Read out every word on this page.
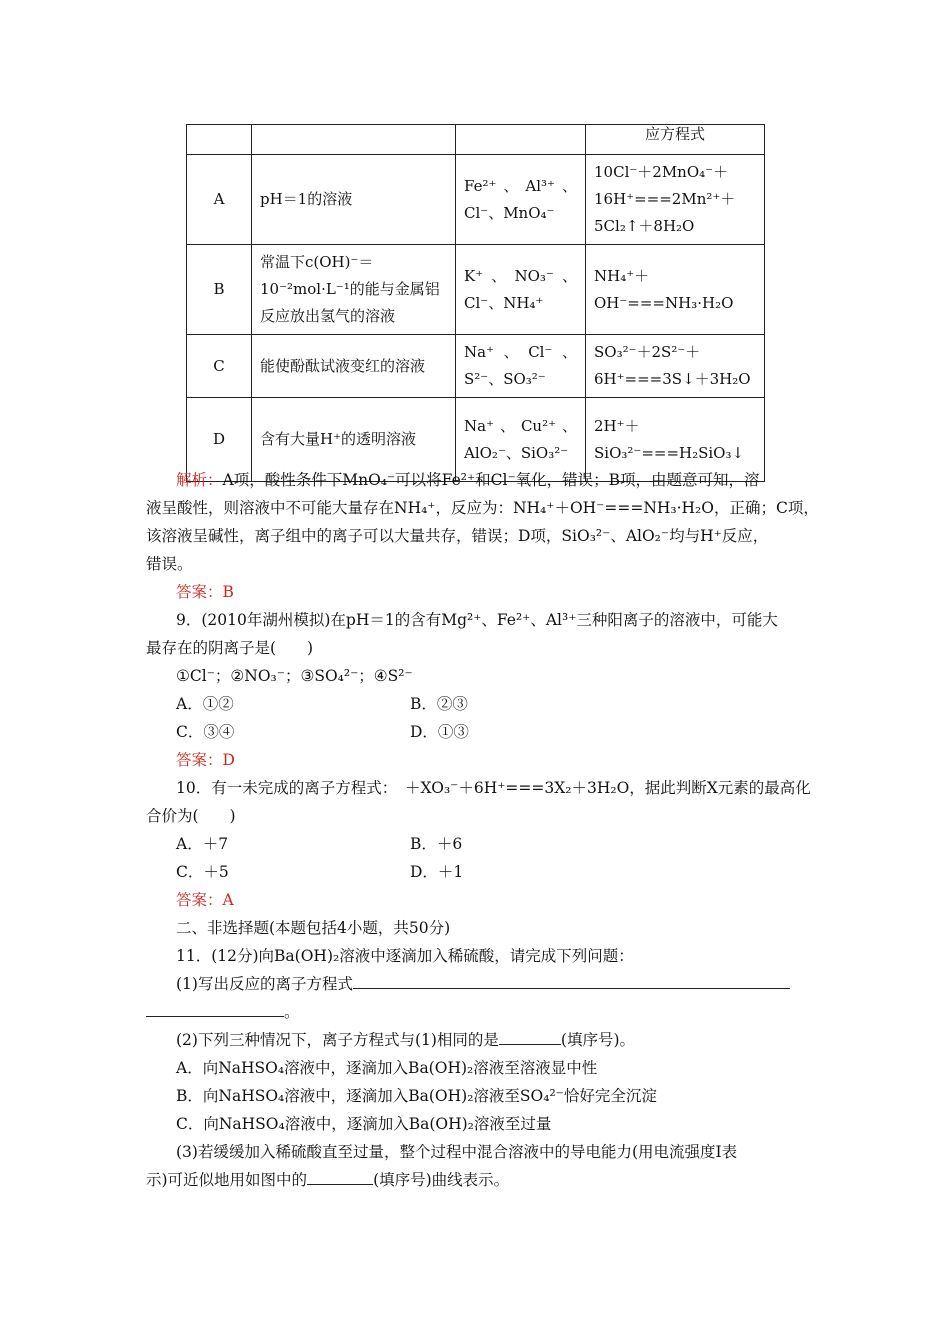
			应方程式
A	pH＝1的溶液	Fe²⁺、Al³⁺、Cl⁻、MnO₄⁻	10Cl⁻＋2MnO₄⁻＋16H⁺===2Mn²⁺＋5Cl₂↑＋8H₂O
B	常温下c(OH)⁻＝10⁻²mol·L⁻¹的能与金属铝反应放出氢气的溶液	K⁺、NO₃⁻、Cl⁻、NH₄⁺	NH₄⁺＋OH⁻===NH₃·H₂O
C	能使酚酞试液变红的溶液	Na⁺、Cl⁻、S²⁻、SO₃²⁻	SO₃²⁻＋2S²⁻＋6H⁺===3S↓＋3H₂O
D	含有大量H⁺的透明溶液	Na⁺、Cu²⁺、AlO₂⁻、SiO₃²⁻	2H⁺＋SiO₃²⁻===H₂SiO₃↓

解析：A项，酸性条件下MnO₄⁻可以将Fe²⁺和Cl⁻氧化，错误；B项，由题意可知，溶

液呈酸性，则溶液中不可能大量存在NH₄⁺，反应为：NH₄⁺＋OH⁻===NH₃·H₂O，正确；C项，

该溶液呈碱性，离子组中的离子可以大量共存，错误；D项，SiO₃²⁻、AlO₂⁻均与H⁺反应，

错误。

答案：B

9．(2010年湖州模拟)在pH＝1的含有Mg²⁺、Fe²⁺、Al³⁺三种阳离子的溶液中，可能大

最存在的阴离子是(　　)

①Cl⁻；②NO₃⁻；③SO₄²⁻；④S²⁻

A．①②	B．②③
C．③④	D．①③

答案：D

10．有一未完成的离子方程式：　＋XO₃⁻＋6H⁺===3X₂＋3H₂O，据此判断X元素的最高化

合价为(　　)

A．＋7	B．＋6
C．＋5	D．＋1

答案：A

二、非选择题(本题包括4小题，共50分)

11．(12分)向Ba(OH)₂溶液中逐滴加入稀硫酸，请完成下列问题：

(1)写出反应的离子方程式

。

(2)下列三种情况下，离子方程式与(1)相同的是	(填序号)。

A．向NaHSO₄溶液中，逐滴加入Ba(OH)₂溶液至溶液显中性

B．向NaHSO₄溶液中，逐滴加入Ba(OH)₂溶液至SO₄²⁻恰好完全沉淀

C．向NaHSO₄溶液中，逐滴加入Ba(OH)₂溶液至过量

(3)若缓缓加入稀硫酸直至过量，整个过程中混合溶液中的导电能力(用电流强度I表

示)可近似地用如图中的	(填序号)曲线表示。
